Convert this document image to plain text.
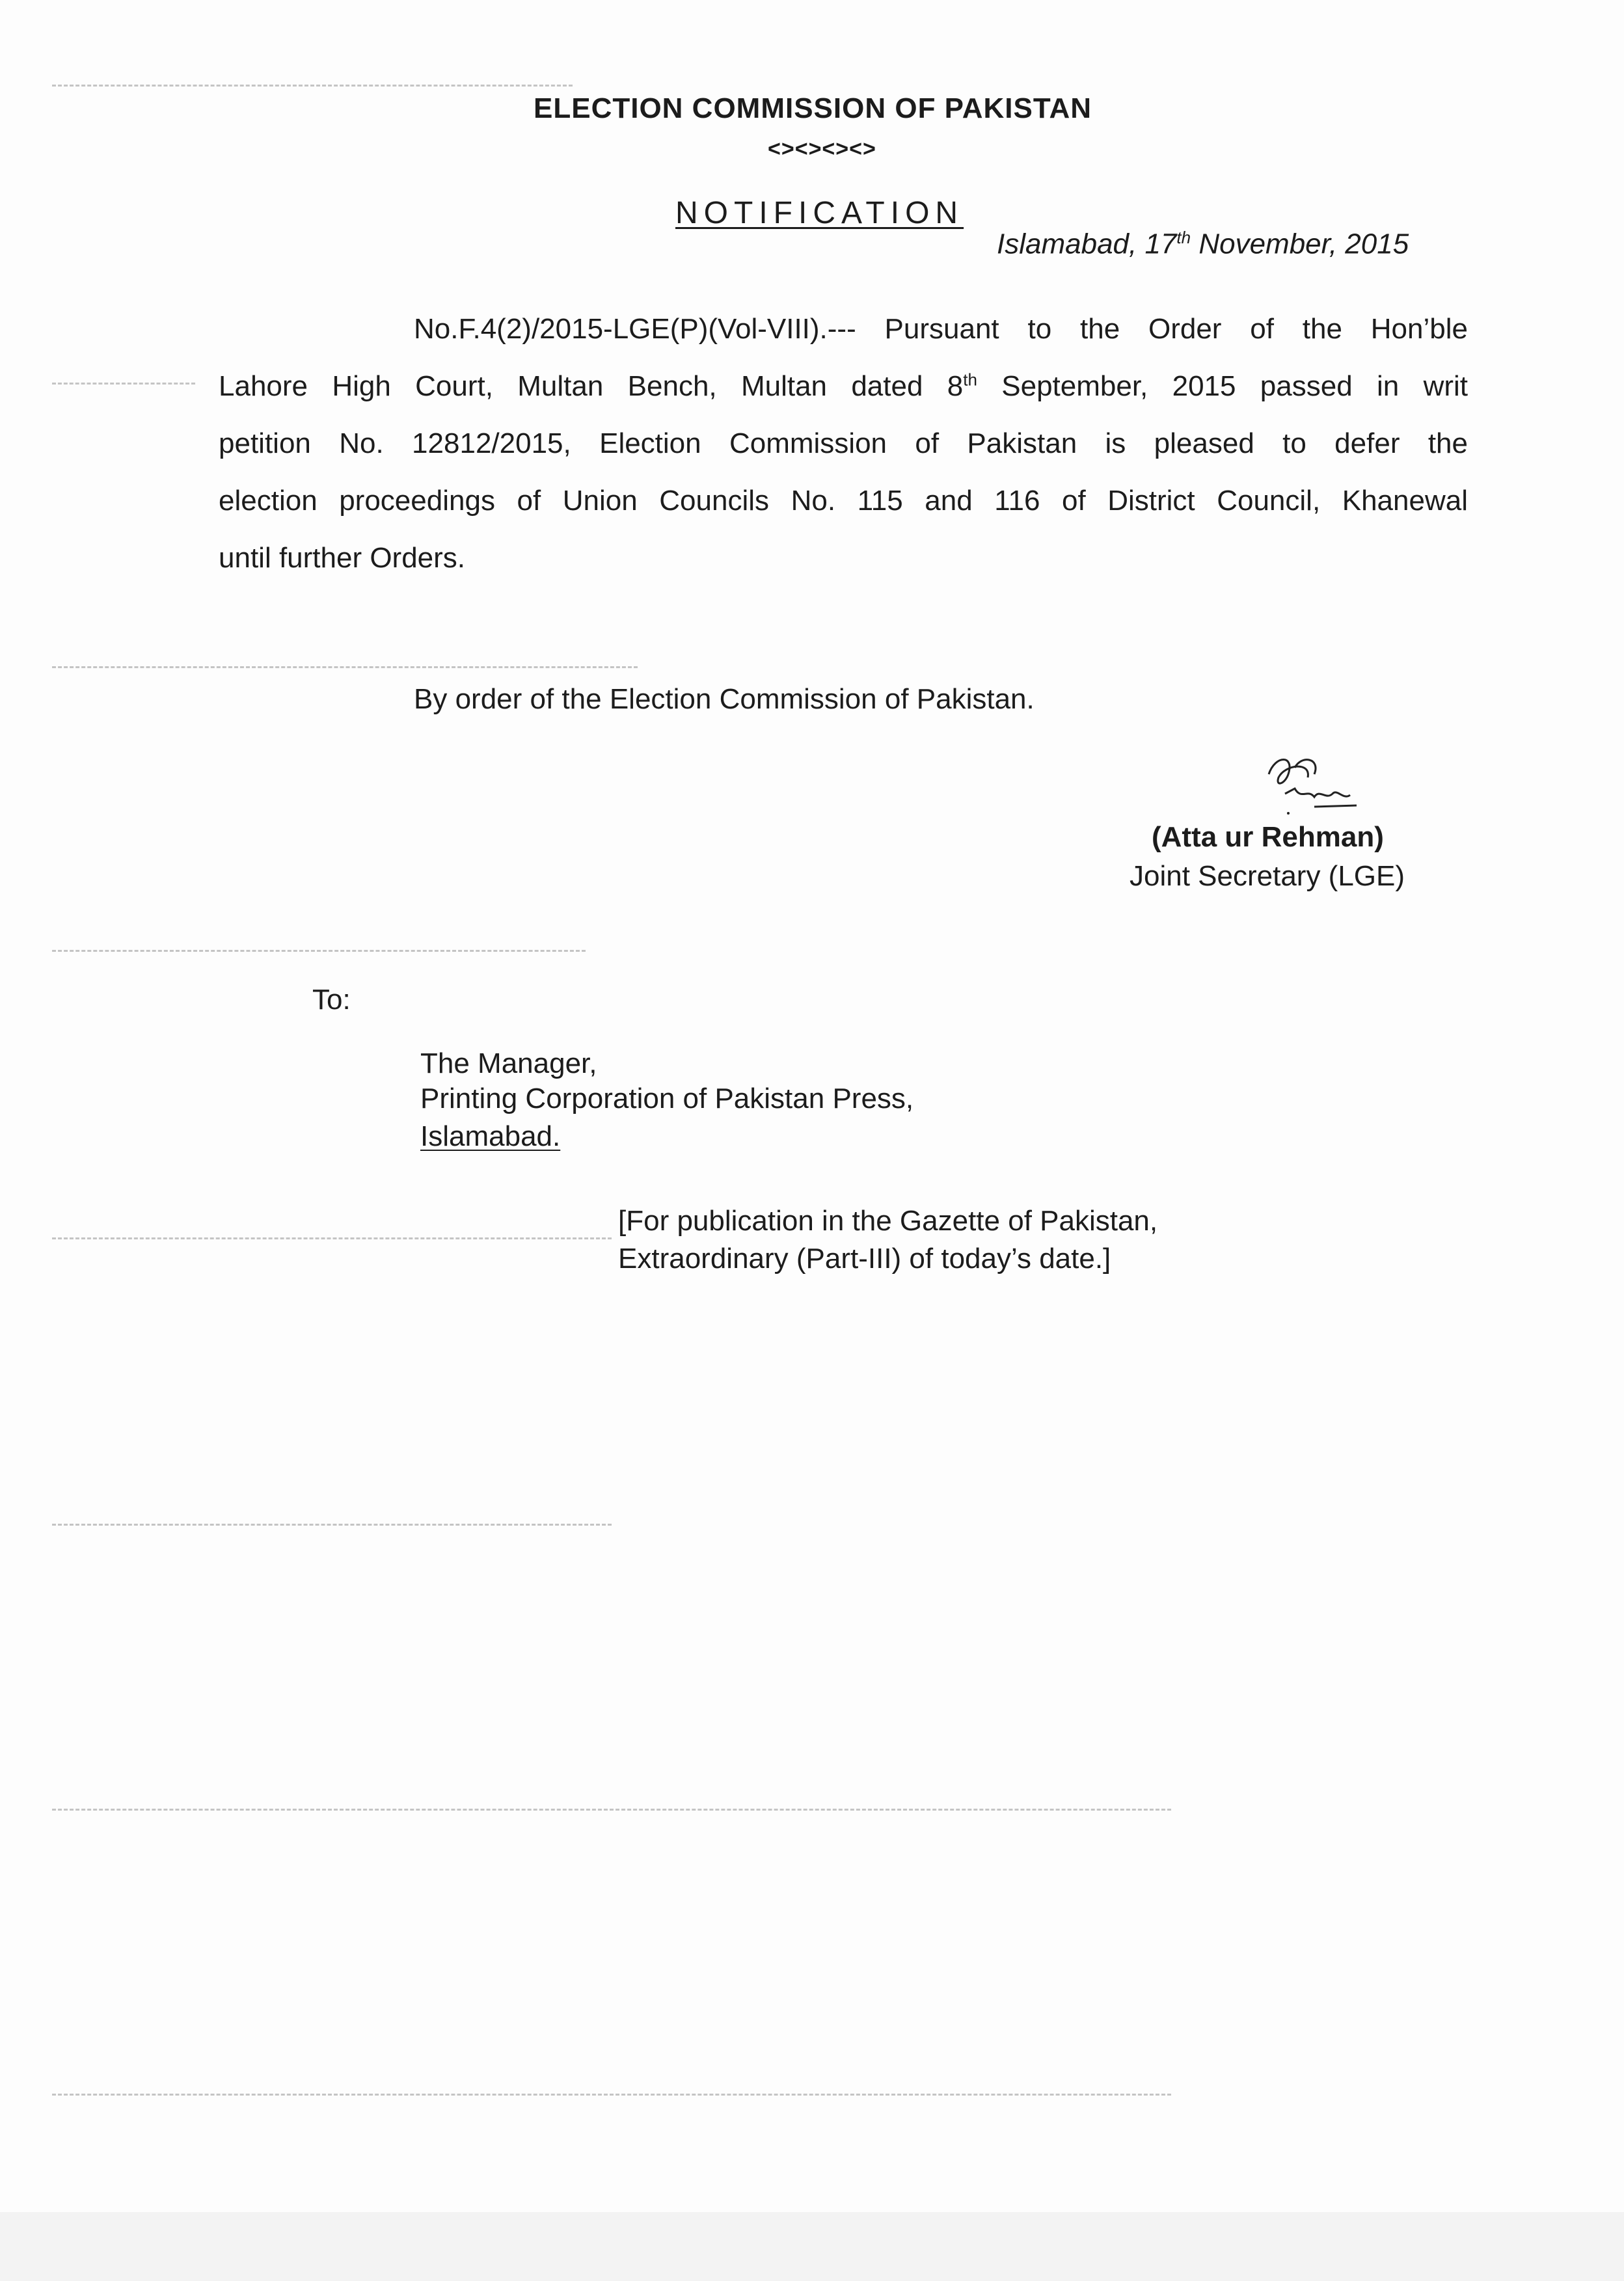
ELECTION COMMISSION OF PAKISTAN
<><><><>
NOTIFICATION
Islamabad, 17th November, 2015
No.F.4(2)/2015-LGE(P)(Vol-VIII).--- Pursuant to the Order of the Hon’ble
Lahore High Court, Multan Bench, Multan dated 8th September, 2015 passed in writ
petition No. 12812/2015, Election Commission of Pakistan is pleased to defer the
election proceedings of Union Councils No. 115 and 116 of District Council, Khanewal
until further Orders.
By order of the Election Commission of Pakistan.
(Atta ur Rehman)
Joint Secretary (LGE)
To:
The Manager,
Printing Corporation of Pakistan Press,
Islamabad.
[For publication in the Gazette of Pakistan,
Extraordinary (Part-III) of today’s date.]
